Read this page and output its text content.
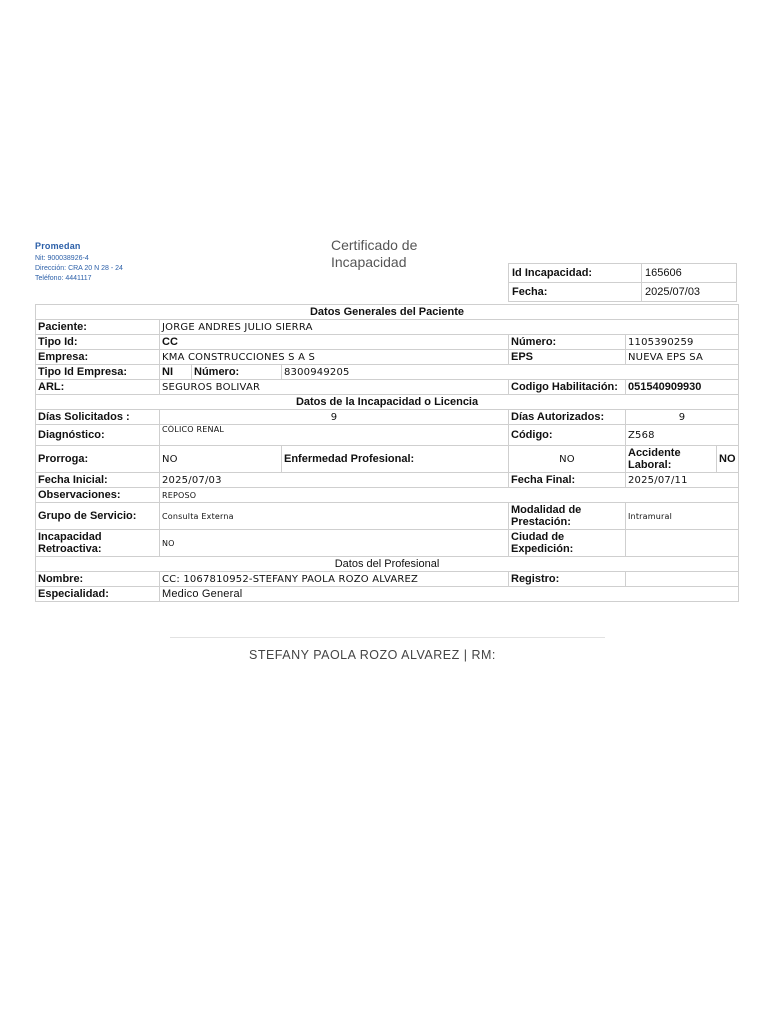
Promedan
Nit: 900038926-4
Dirección: CRA 20 N 28 - 24
Teléfono: 4441117
Certificado de
Incapacidad
Id Incapacidad:	165606
Fecha:	2025/07/03
Datos Generales del Paciente						
Paciente:	JORGE ANDRES JULIO SIERRA					
Tipo Id:	CC			Número:	1105390259	
Empresa:	KMA CONSTRUCCIONES S A S			EPS	NUEVA EPS SA	
Tipo Id Empresa:	NI	Número:	8300949205			
ARL:	SEGUROS BOLIVAR			Codigo Habilitación:	051540909930	
Datos de la Incapacidad o Licencia						
Días Solicitados :	9			Días Autorizados:	9	
Diagnóstico:	CÓLICO RENAL			Código:	Z568	
Prorroga:	NO		Enfermedad Profesional:	NO	Accidente Laboral:	NO
Fecha Inicial:	2025/07/03			Fecha Final:	2025/07/11	
Observaciones:	REPOSO					
Grupo de Servicio:	Consulta Externa			Modalidad de Prestación:	Intramural	
Incapacidad Retroactiva:	NO			Ciudad de Expedición:		
Datos del Profesional						
Nombre:	CC: 1067810952-STEFANY PAOLA ROZO ALVAREZ			Registro:		
Especialidad:	Medico General					
STEFANY PAOLA ROZO ALVAREZ | RM:
